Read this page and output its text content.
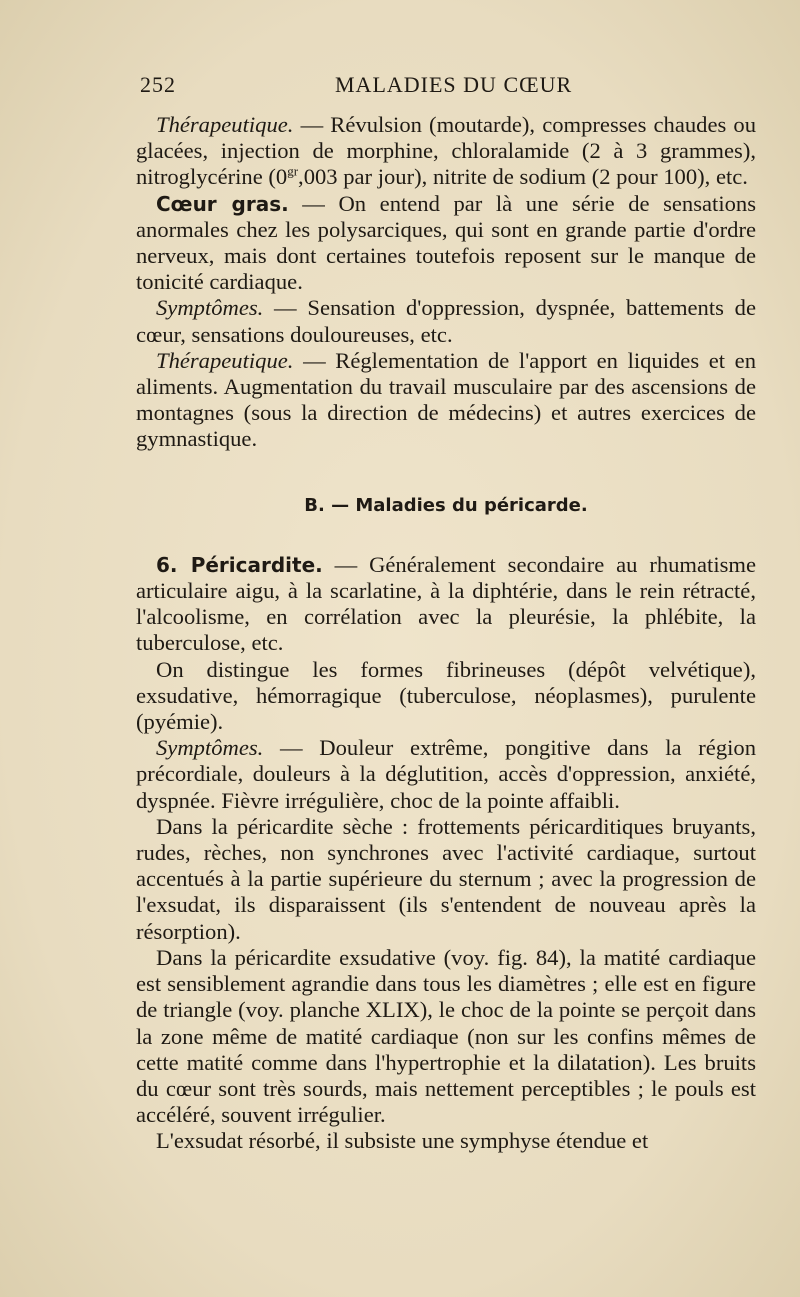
252	MALADIES DU CŒUR

Thérapeutique. — Révulsion (moutarde), compresses chaudes ou glacées, injection de morphine, chloralamide (2 à 3 grammes), nitroglycérine ($0^{gr},003$ par jour), nitrite de sodium (2 pour 100), etc.

Cœur gras. — On entend par là une série de sensations anormales chez les polysarciques, qui sont en grande partie d'ordre nerveux, mais dont certaines toutefois reposent sur le manque de tonicité cardiaque.

Symptômes. — Sensation d'oppression, dyspnée, battements de cœur, sensations douloureuses, etc.

Thérapeutique. — Réglementation de l'apport en liquides et en aliments. Augmentation du travail musculaire par des ascensions de montagnes (sous la direction de médecins) et autres exercices de gymnastique.

B. — Maladies du péricarde.

6. Péricardite. — Généralement secondaire au rhumatisme articulaire aigu, à la scarlatine, à la diphtérie, dans le rein rétracté, l'alcoolisme, en corrélation avec la pleurésie, la phlébite, la tuberculose, etc.

On distingue les formes fibrineuses (dépôt velvétique), exsudative, hémorragique (tuberculose, néoplasmes), purulente (pyémie).

Symptômes. — Douleur extrême, pongitive dans la région précordiale, douleurs à la déglutition, accès d'oppression, anxiété, dyspnée. Fièvre irrégulière, choc de la pointe affaibli.

Dans la péricardite sèche : frottements péricarditiques bruyants, rudes, rèches, non synchrones avec l'activité cardiaque, surtout accentués à la partie supérieure du sternum ; avec la progression de l'exsudat, ils disparaissent (ils s'entendent de nouveau après la résorption).

Dans la péricardite exsudative (voy. fig. 84), la matité cardiaque est sensiblement agrandie dans tous les diamètres ; elle est en figure de triangle (voy. planche XLIX), le choc de la pointe se perçoit dans la zone même de matité cardiaque (non sur les confins mêmes de cette matité comme dans l'hypertrophie et la dilatation). Les bruits du cœur sont très sourds, mais nettement perceptibles ; le pouls est accéléré, souvent irrégulier.

L'exsudat résorbé, il subsiste une symphyse étendue et
